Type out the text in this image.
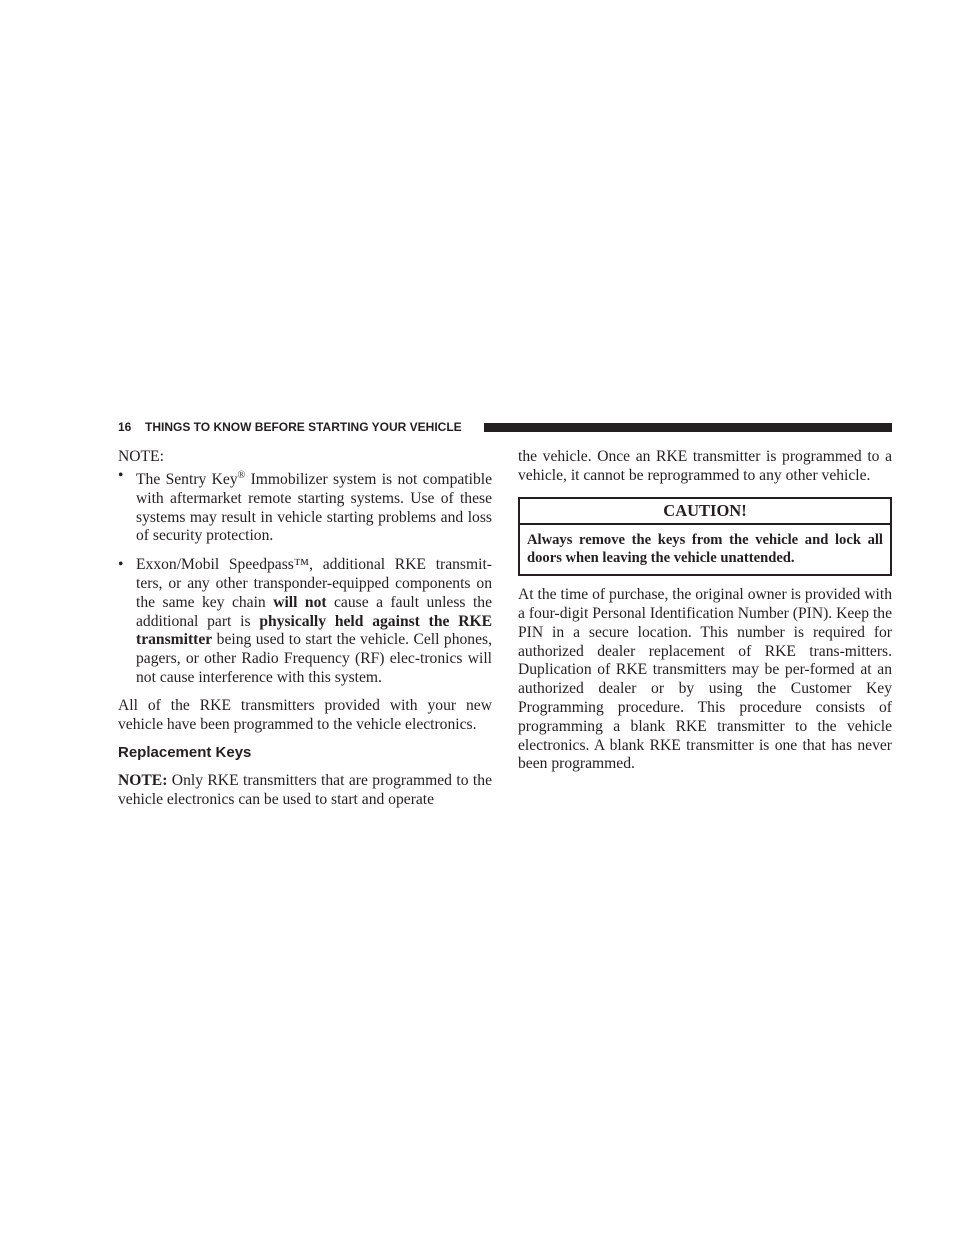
16 THINGS TO KNOW BEFORE STARTING YOUR VEHICLE

NOTE:

• The Sentry Key® Immobilizer system is not compatible with aftermarket remote starting systems. Use of these systems may result in vehicle starting problems and loss of security protection.
• Exxon/Mobil Speedpass™, additional RKE transmit-ters, or any other transponder-equipped components on the same key chain will not cause a fault unless the additional part is physically held against the RKE transmitter being used to start the vehicle. Cell phones, pagers, or other Radio Frequency (RF) elec-tronics will not cause interference with this system.

All of the RKE transmitters provided with your new vehicle have been programmed to the vehicle electronics.

Replacement Keys

NOTE: Only RKE transmitters that are programmed to the vehicle electronics can be used to start and operate

the vehicle. Once an RKE transmitter is programmed to a vehicle, it cannot be reprogrammed to any other vehicle.

CAUTION!
Always remove the keys from the vehicle and lock all doors when leaving the vehicle unattended.

At the time of purchase, the original owner is provided with a four-digit Personal Identification Number (PIN). Keep the PIN in a secure location. This number is required for authorized dealer replacement of RKE trans-mitters. Duplication of RKE transmitters may be per-formed at an authorized dealer or by using the Customer Key Programming procedure. This procedure consists of programming a blank RKE transmitter to the vehicle electronics. A blank RKE transmitter is one that has never been programmed.
